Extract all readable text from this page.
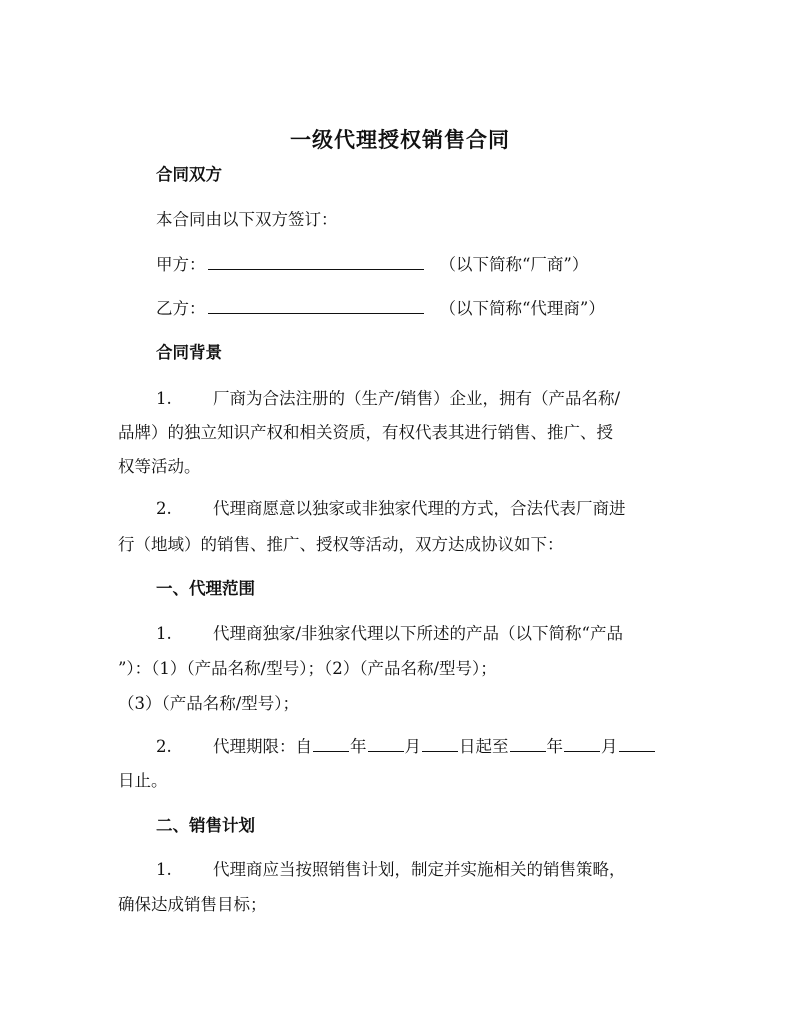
一级代理授权销售合同
合同双方
本合同由以下双方签订：
甲方：	（以下简称“厂商”）
乙方：	（以下简称“代理商”）
合同背景
1.	厂商为合法注册的（生产/销售）企业，拥有（产品名称/
品牌）的独立知识产权和相关资质，有权代表其进行销售、推广、授
权等活动。
2.	代理商愿意以独家或非独家代理的方式，合法代表厂商进
行（地域）的销售、推广、授权等活动，双方达成协议如下：
一、代理范围
1.	代理商独家/非独家代理以下所述的产品（以下简称“产品
”）：（1）（产品名称/型号）；（2）（产品名称/型号）；
（3）（产品名称/型号）；
2.	代理期限：自 年 月 日起至 年 月
日止。
二、销售计划
1.	代理商应当按照销售计划，制定并实施相关的销售策略，
确保达成销售目标；
